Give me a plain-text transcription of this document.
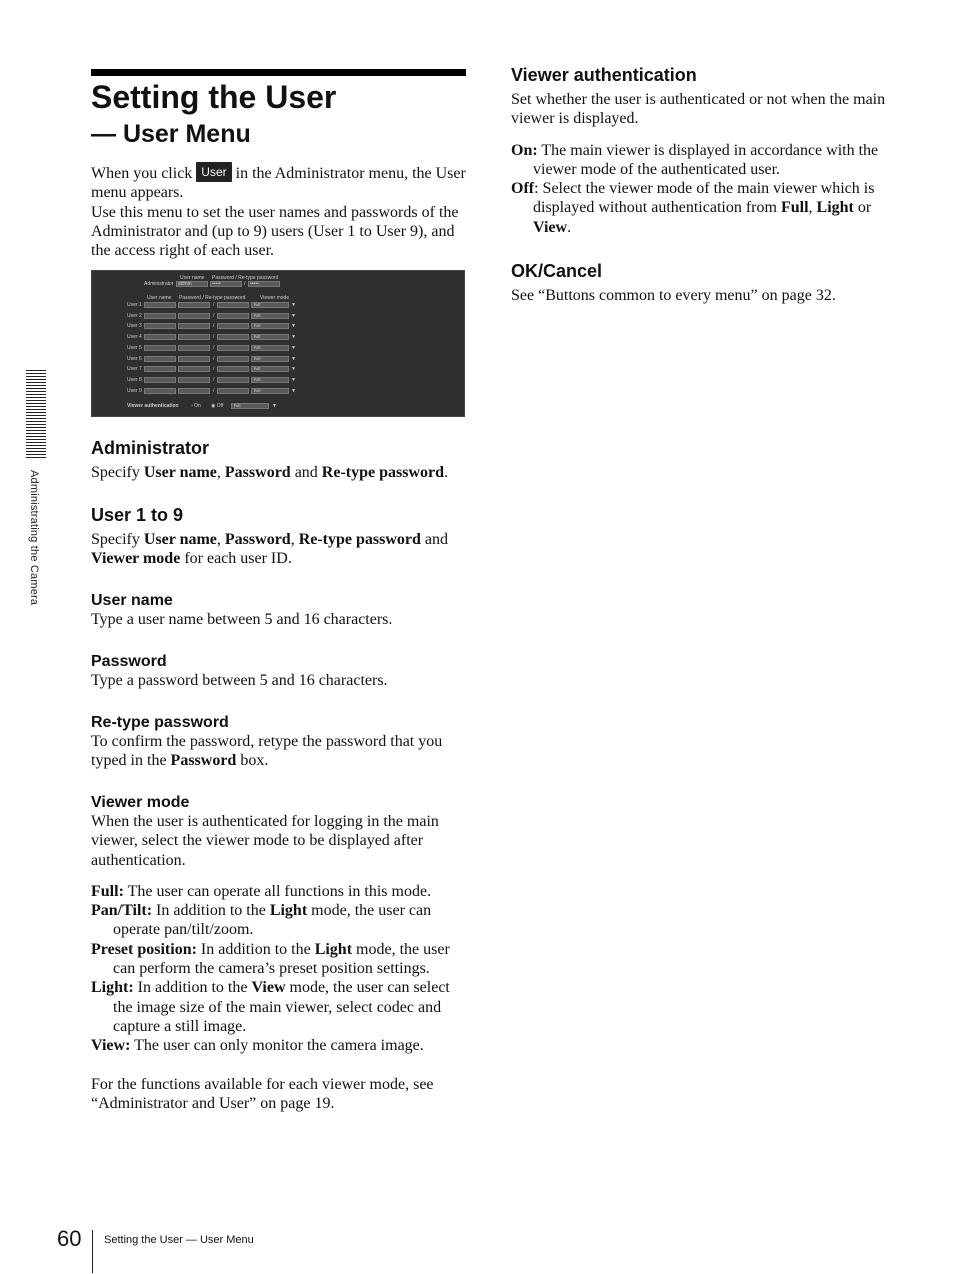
Administrating the Camera
Setting the User
— User Menu

When you click User in the Administrator menu, the User menu appears.

Use this menu to set the user names and passwords of the Administrator and (up to 9) users (User 1 to User 9), and the access right of each user.

User name Password / Re-type password
Administrator admin	•••••	/ •••••
User name Password / Re-type password	Viewer mode
User 1	/	Full	▼
User 2	/	Full	▼
User 3	/	Full	▼
User 4	/	Full	▼
User 5	/	Full	▼
User 6	/	Full	▼
User 7	/	Full	▼
User 8	/	Full	▼
User 9	/	Full	▼
Viewer authentication ◦ On ◉ Off	Full	▼
Administrator

Specify User name, Password and Re-type password.

User 1 to 9

Specify User name, Password, Re-type password and Viewer mode for each user ID.

User name

Type a user name between 5 and 16 characters.

Password

Type a password between 5 and 16 characters.

Re-type password

To confirm the password, retype the password that you typed in the Password box.

Viewer mode

When the user is authenticated for logging in the main viewer, select the viewer mode to be displayed after authentication.

Full: The user can operate all functions in this mode.

Pan/Tilt: In addition to the Light mode, the user can operate pan/tilt/zoom.

Preset position: In addition to the Light mode, the user can perform the camera’s preset position settings.

Light: In addition to the View mode, the user can select the image size of the main viewer, select codec and capture a still image.

View: The user can only monitor the camera image.

For the functions available for each viewer mode, see “Administrator and User” on page 19.

Viewer authentication

Set whether the user is authenticated or not when the main viewer is displayed.

On: The main viewer is displayed in accordance with the viewer mode of the authenticated user.

Off: Select the viewer mode of the main viewer which is displayed without authentication from Full, Light or View.

OK/Cancel

See “Buttons common to every menu” on page 32.

60 Setting the User — User Menu
